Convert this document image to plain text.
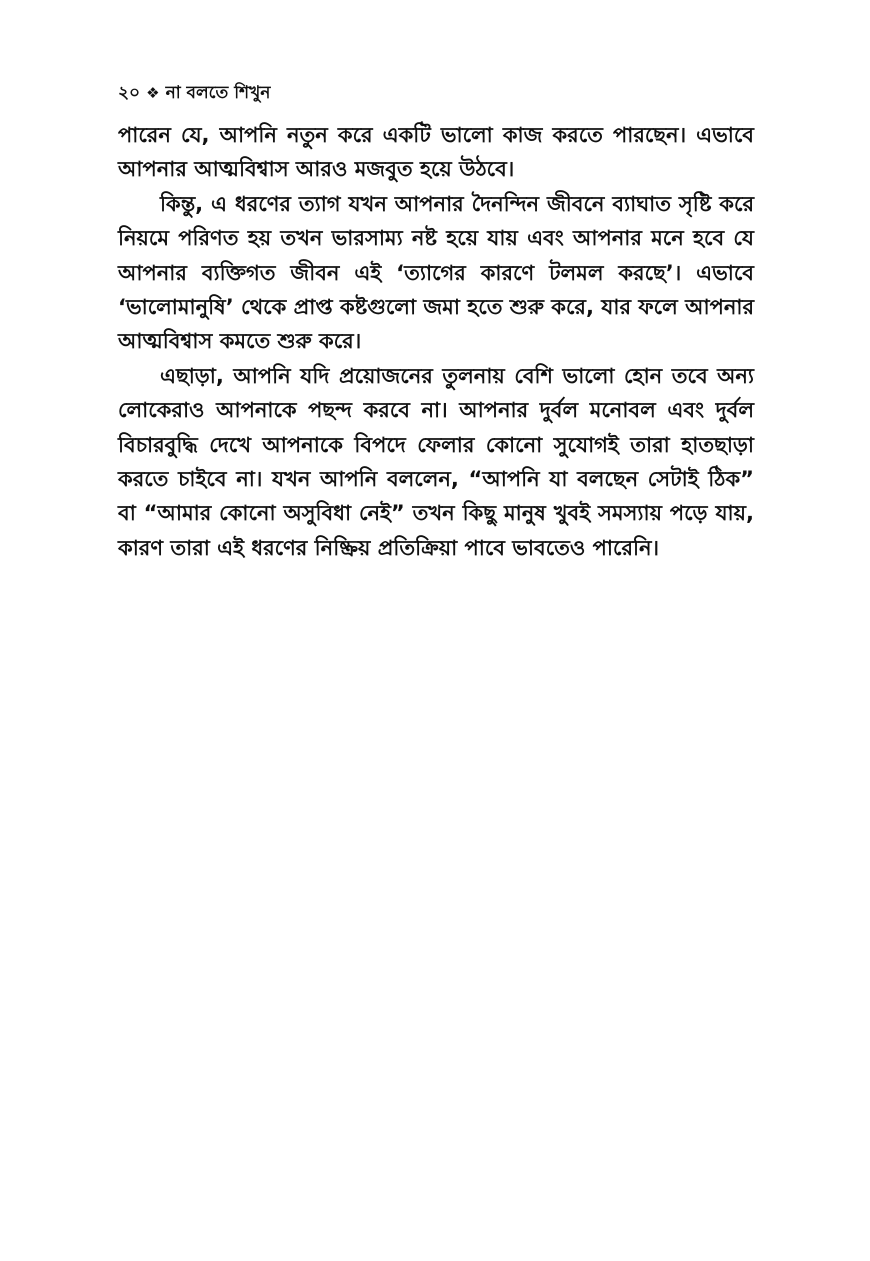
২০ ❖ না বলতে শিখুন

পারেন যে, আপনি নতুন করে একটি ভালো কাজ করতে পারছেন। এভাবে আপনার আত্মবিশ্বাস আরও মজবুত হয়ে উঠবে।

কিন্তু, এ ধরণের ত্যাগ যখন আপনার দৈনন্দিন জীবনে ব্যাঘাত সৃষ্টি করে নিয়মে পরিণত হয় তখন ভারসাম্য নষ্ট হয়ে যায় এবং আপনার মনে হবে যে আপনার ব্যক্তিগত জীবন এই ‘ত্যাগের কারণে টলমল করছে’। এভাবে ‘ভালোমানুষি’ থেকে প্রাপ্ত কষ্টগুলো জমা হতে শুরু করে, যার ফলে আপনার আত্মবিশ্বাস কমতে শুরু করে।

এছাড়া, আপনি যদি প্রয়োজনের তুলনায় বেশি ভালো হোন তবে অন্য লোকেরাও আপনাকে পছন্দ করবে না। আপনার দুর্বল মনোবল এবং দুর্বল বিচারবুদ্ধি দেখে আপনাকে বিপদে ফেলার কোনো সুযোগই তারা হাতছাড়া করতে চাইবে না। যখন আপনি বললেন, “আপনি যা বলছেন সেটাই ঠিক” বা “আমার কোনো অসুবিধা নেই” তখন কিছু মানুষ খুবই সমস্যায় পড়ে যায়, কারণ তারা এই ধরণের নিষ্ক্রিয় প্রতিক্রিয়া পাবে ভাবতেও পারেনি।
